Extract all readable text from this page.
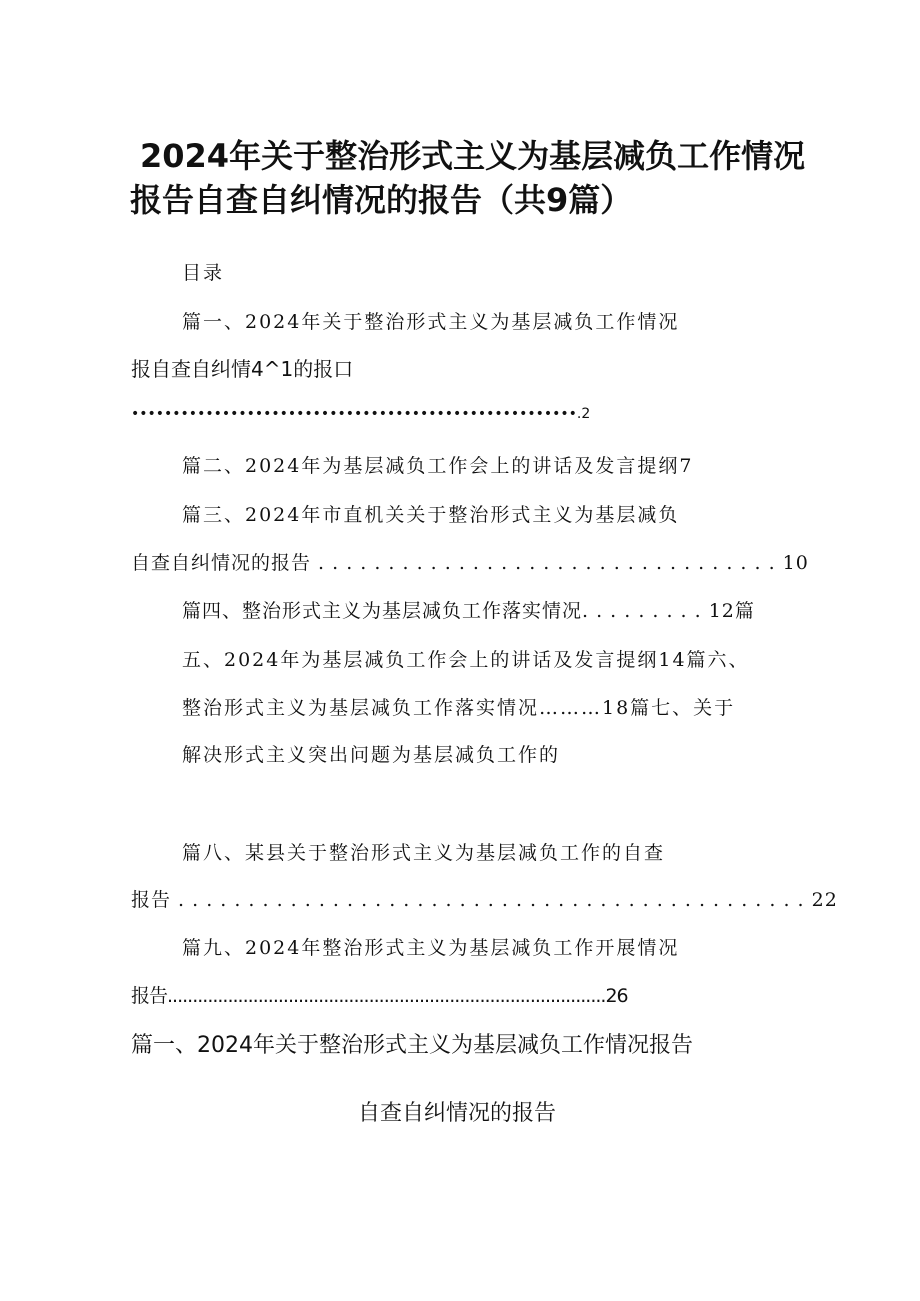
2024年关于整治形式主义为基层减负工作情况
报告自查自纠情况的报告（共9篇）
目录
篇一、2024年关于整治形式主义为基层减负工作情况
报自查自纠情4^1的报口
••••••••••••••••••••••••••••••••••••••••••••••••••••••.2
篇二、2024年为基层减负工作会上的讲话及发言提纲7
篇三、2024年市直机关关于整治形式主义为基层减负
自查自纠情况的报告 . . . . . . . . . . . . . . . . . . . . . . . . . . . . . . . . . 10
篇四、整治形式主义为基层减负工作落实情况. . . . . . . . . 12篇
五、2024年为基层减负工作会上的讲话及发言提纲14篇六、
整治形式主义为基层减负工作落实情况………18篇七、关于
解决形式主义突出问题为基层减负工作的
篇八、某县关于整治形式主义为基层减负工作的自查
报告 . . . . . . . . . . . . . . . . . . . . . . . . . . . . . . . . . . . . . . . . . . . . . 22
篇九、2024年整治形式主义为基层减负工作开展情况
报告.......................................................................................26
篇一、2024年关于整治形式主义为基层减负工作情况报告
自查自纠情况的报告
